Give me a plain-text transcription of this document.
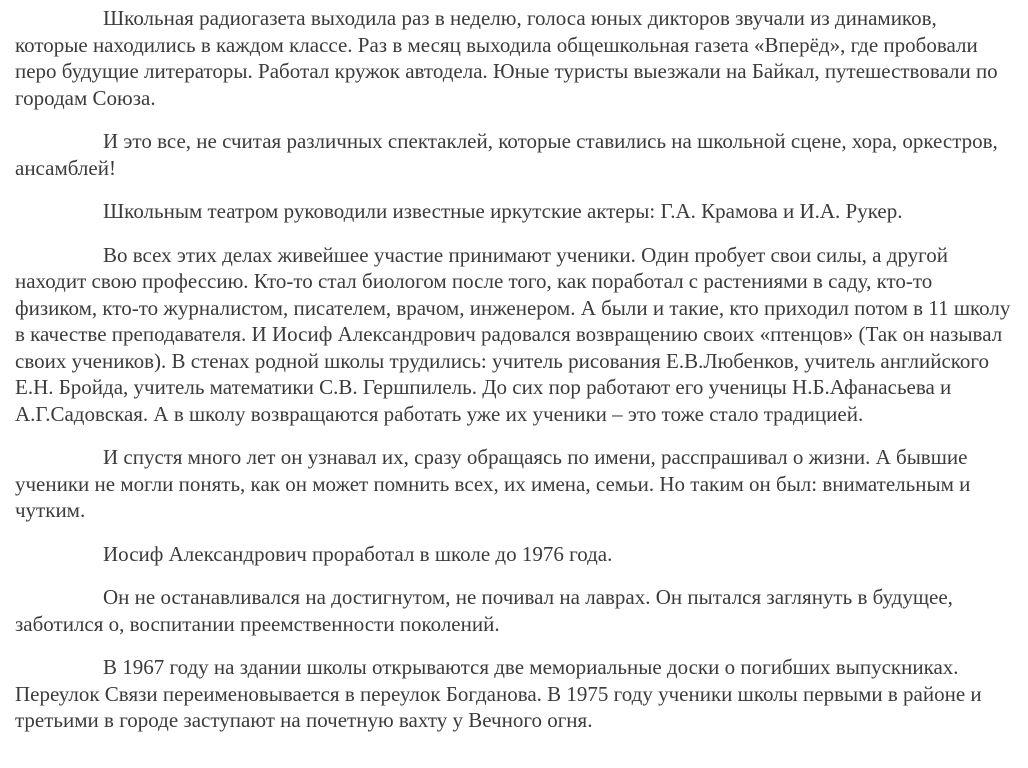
Школьная радиогазета выходила раз в неделю, голоса юных дикторов звучали из динамиков, которые находились в каждом классе. Раз в месяц выходила общешкольная газета «Вперёд», где пробовали перо будущие литераторы. Работал кружок автодела. Юные туристы выезжали на Байкал, путешествовали по городам Союза.

И это все, не считая различных спектаклей, которые ставились на школьной сцене, хора, оркестров, ансамблей!

Школьным театром руководили известные иркутские актеры: Г.А. Крамова и И.А. Рукер.

Во всех этих делах живейшее участие принимают ученики. Один пробует свои силы, а другой находит свою профессию. Кто-то стал биологом после того, как поработал с растениями в саду, кто-то физиком, кто-то журналистом, писателем, врачом, инженером. А были и такие, кто приходил потом в 11 школу в качестве преподавателя. И Иосиф Александрович радовался возвращению своих «птенцов» (Так он называл своих учеников). В стенах родной школы трудились: учитель рисования Е.В.Любенков, учитель английского Е.Н. Бройда, учитель математики С.В. Гершпилель. До сих пор работают его ученицы Н.Б.Афанасьева и А.Г.Садовская. А в школу возвращаются работать уже их ученики – это тоже стало традицией.

И спустя много лет он узнавал их, сразу обращаясь по имени, расспрашивал о жизни. А бывшие ученики не могли понять, как он может помнить всех, их имена, семьи. Но таким он был: внимательным и чутким.

Иосиф Александрович проработал в школе до 1976 года.

Он не останавливался на достигнутом, не почивал на лаврах. Он пытался заглянуть в будущее, заботился о, воспитании преемственности поколений.

В 1967 году на здании школы открываются две мемориальные доски о погибших выпускниках. Переулок Связи переименовывается в переулок Богданова. В 1975 году ученики школы первыми в районе и третьими в городе заступают на почетную вахту у Вечного огня.
